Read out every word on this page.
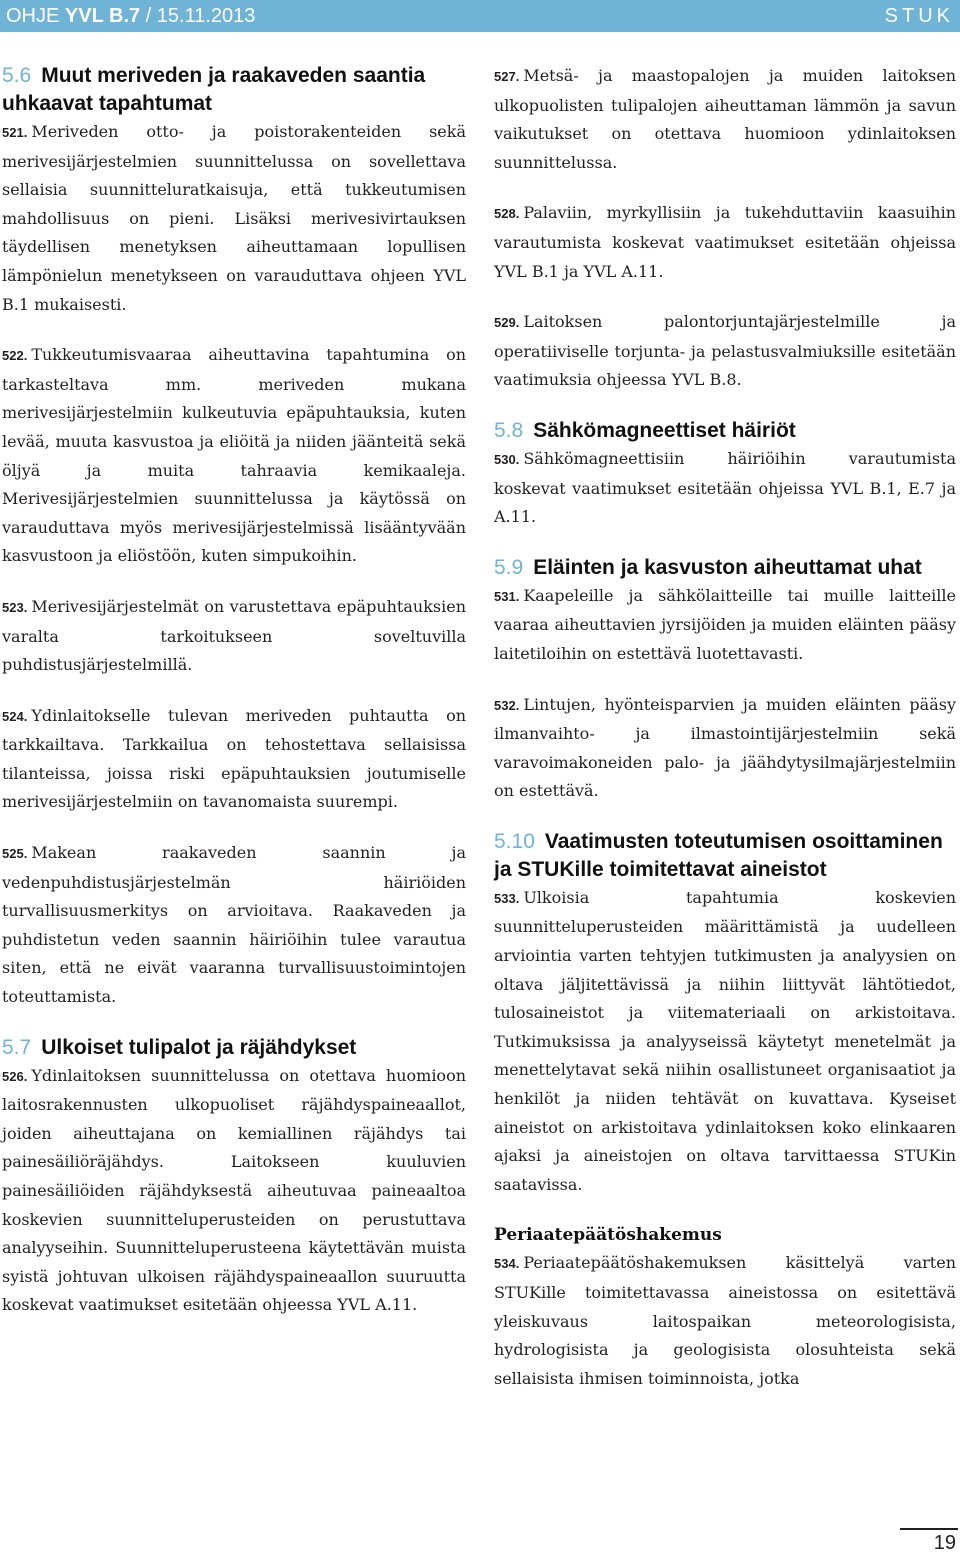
OHJE YVL B.7 / 15.11.2013	STUK
5.6 Muut meriveden ja raakaveden saantia uhkaavat tapahtumat

521. Meriveden otto- ja poistorakenteiden sekä merivesijärjestelmien suunnittelussa on sovellettava sellaisia suunnitteluratkaisuja, että tukkeutumisen mahdollisuus on pieni. Lisäksi merivesivirtauksen täydellisen menetyksen aiheuttamaan lopullisen lämpönielun menetykseen on varauduttava ohjeen YVL B.1 mukaisesti.

522. Tukkeutumisvaaraa aiheuttavina tapahtumina on tarkasteltava mm. meriveden mukana merivesijärjestelmiin kulkeutuvia epäpuhtauksia, kuten levää, muuta kasvustoa ja eliöitä ja niiden jäänteitä sekä öljyä ja muita tahraavia kemikaaleja. Merivesijärjestelmien suunnittelussa ja käytössä on varauduttava myös merivesijärjestelmissä lisääntyvään kasvustoon ja eliöstöön, kuten simpukoihin.

523. Merivesijärjestelmät on varustettava epäpuhtauksien varalta tarkoitukseen soveltuvilla puhdistusjärjestelmillä.

524. Ydinlaitokselle tulevan meriveden puhtautta on tarkkailtava. Tarkkailua on tehostettava sellaisissa tilanteissa, joissa riski epäpuhtauksien joutumiselle merivesijärjestelmiin on tavanomaista suurempi.

525. Makean raakaveden saannin ja vedenpuhdistusjärjestelmän häiriöiden turvallisuusmerkitys on arvioitava. Raakaveden ja puhdistetun veden saannin häiriöihin tulee varautua siten, että ne eivät vaaranna turvallisuustoimintojen toteuttamista.

5.7 Ulkoiset tulipalot ja räjähdykset

526. Ydinlaitoksen suunnittelussa on otettava huomioon laitosrakennusten ulkopuoliset räjähdyspaineaallot, joiden aiheuttajana on kemiallinen räjähdys tai painesäiliöräjähdys. Laitokseen kuuluvien painesäiliöiden räjähdyksestä aiheutuvaa paineaaltoa koskevien suunnitteluperusteiden on perustuttava analyyseihin. Suunnitteluperusteena käytettävän muista syistä johtuvan ulkoisen räjähdyspaineaallon suuruutta koskevat vaatimukset esitetään ohjeessa YVL A.11.

527. Metsä- ja maastopalojen ja muiden laitoksen ulkopuolisten tulipalojen aiheuttaman lämmön ja savun vaikutukset on otettava huomioon ydinlaitoksen suunnittelussa.

528. Palaviin, myrkyllisiin ja tukehduttaviin kaasuihin varautumista koskevat vaatimukset esitetään ohjeissa YVL B.1 ja YVL A.11.

529. Laitoksen palontorjuntajärjestelmille ja operatiiviselle torjunta- ja pelastusvalmiuksille esitetään vaatimuksia ohjeessa YVL B.8.

5.8 Sähkömagneettiset häiriöt

530. Sähkömagneettisiin häiriöihin varautumista koskevat vaatimukset esitetään ohjeissa YVL B.1, E.7 ja A.11.

5.9 Eläinten ja kasvuston aiheuttamat uhat

531. Kaapeleille ja sähkölaitteille tai muille laitteille vaaraa aiheuttavien jyrsijöiden ja muiden eläinten pääsy laitetiloihin on estettävä luotettavasti.

532. Lintujen, hyönteisparvien ja muiden eläinten pääsy ilmanvaihto- ja ilmastointijärjestelmiin sekä varavoimakoneiden palo- ja jäähdytysilmajärjestelmiin on estettävä.

5.10 Vaatimusten toteutumisen osoittaminen ja STUKille toimitettavat aineistot

533. Ulkoisia tapahtumia koskevien suunnitteluperusteiden määrittämistä ja uudelleen arviointia varten tehtyjen tutkimusten ja analyysien on oltava jäljitettävissä ja niihin liittyvät lähtötiedot, tulosaineistot ja viitemateriaali on arkistoitava. Tutkimuksissa ja analyyseissä käytetyt menetelmät ja menettelytavat sekä niihin osallistuneet organisaatiot ja henkilöt ja niiden tehtävät on kuvattava. Kyseiset aineistot on arkistoitava ydinlaitoksen koko elinkaaren ajaksi ja aineistojen on oltava tarvittaessa STUKin saatavissa.

Periaatepäätöshakemus

534. Periaatepäätöshakemuksen käsittelyä varten STUKille toimitettavassa aineistossa on esitettävä yleiskuvaus laitospaikan meteorologisista, hydrologisista ja geologisista olosuhteista sekä sellaisista ihmisen toiminnoista, jotka

19
